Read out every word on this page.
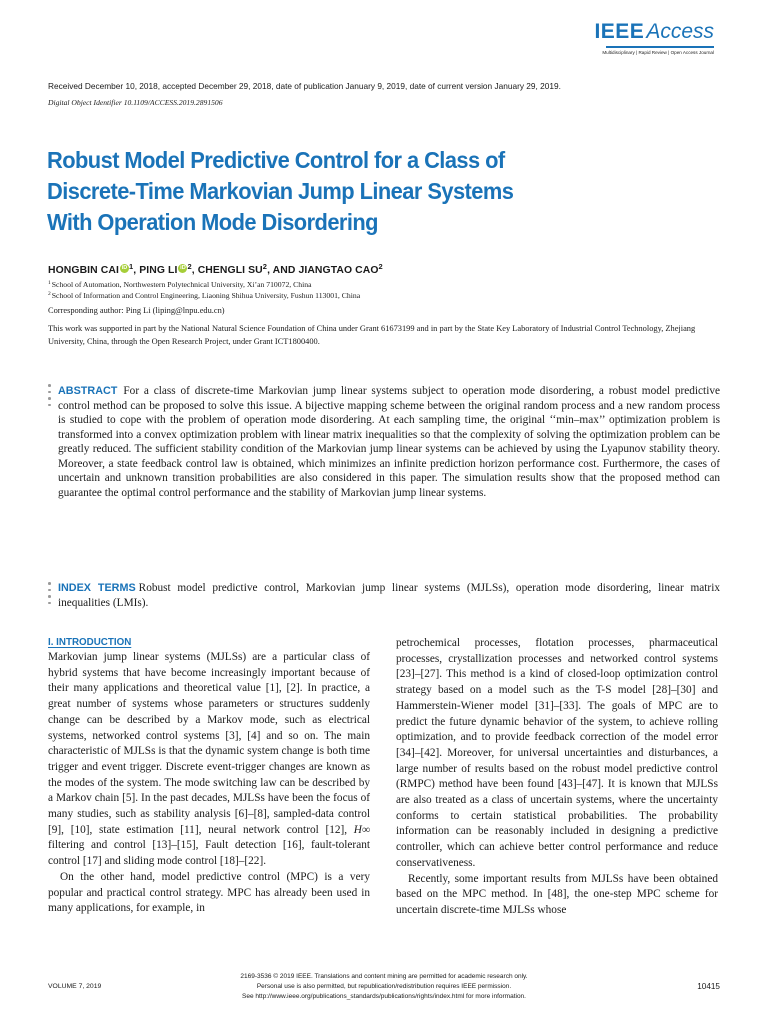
IEEEAccess
Multidisciplinary | Rapid Review | Open Access Journal
Received December 10, 2018, accepted December 29, 2018, date of publication January 9, 2019, date of current version January 29, 2019.
Digital Object Identifier 10.1109/ACCESS.2019.2891506
Robust Model Predictive Control for a Class of
Discrete-Time Markovian Jump Linear Systems
With Operation Mode Disordering
HONGBIN CAI iD $^1$, PING LI iD $^2$, CHENGLI $SU^2$, AND JIANGTAO CAO$^2$
$^1$School of Automation, Northwestern Polytechnical University, Xi’an 710072, China
$^2$School of Information and Control Engineering, Liaoning Shihua University, Fushun 113001, China
Corresponding author: Ping Li (liping@lnpu.edu.cn)
This work was supported in part by the National Natural Science Foundation of China under Grant 61673199 and in part by the State Key Laboratory of Industrial Control Technology, Zhejiang University, China, through the Open Research Project, under Grant ICT1800400.
ABSTRACT For a class of discrete-time Markovian jump linear systems subject to operation mode disordering, a robust model predictive control method can be proposed to solve this issue. A bijective mapping scheme between the original random process and a new random process is studied to cope with the problem of operation mode disordering. At each sampling time, the original ‘‘min–max’’ optimization problem is transformed into a convex optimization problem with linear matrix inequalities so that the complexity of solving the optimization problem can be greatly reduced. The sufficient stability condition of the Markovian jump linear systems can be achieved by using the Lyapunov stability theory. Moreover, a state feedback control law is obtained, which minimizes an infinite prediction horizon performance cost. Furthermore, the cases of uncertain and unknown transition probabilities are also considered in this paper. The simulation results show that the proposed method can guarantee the optimal control performance and the stability of Markovian jump linear systems.
INDEX TERMS Robust model predictive control, Markovian jump linear systems (MJLSs), operation mode disordering, linear matrix inequalities (LMIs).
I. INTRODUCTION

Markovian jump linear systems (MJLSs) are a particular class of hybrid systems that have become increasingly important because of their many applications and theoretical value [1], [2]. In practice, a great number of systems whose parameters or structures suddenly change can be described by a Markov mode, such as electrical systems, networked control systems [3], [4] and so on. The main characteristic of MJLSs is that the dynamic system change is both time trigger and event trigger. Discrete event-trigger changes are known as the modes of the system. The mode switching law can be described by a Markov chain [5]. In the past decades, MJLSs have been the focus of many studies, such as stability analysis [6]–[8], sampled-data control [9], [10], state estimation [11], neural network control [12], H∞ filtering and control [13]–[15], Fault detection [16], fault-tolerant control [17] and sliding mode control [18]–[22].

On the other hand, model predictive control (MPC) is a very popular and practical control strategy. MPC has already been used in many applications, for example, in

petrochemical processes, flotation processes, pharmaceutical processes, crystallization processes and networked control systems [23]–[27]. This method is a kind of closed-loop optimization control strategy based on a model such as the T-S model [28]–[30] and Hammerstein-Wiener model [31]–[33]. The goals of MPC are to predict the future dynamic behavior of the system, to achieve rolling optimization, and to provide feedback correction of the model error [34]–[42]. Moreover, for universal uncertainties and disturbances, a large number of results based on the robust model predictive control (RMPC) method have been found [43]–[47]. It is known that MJLSs are also treated as a class of uncertain systems, where the uncertainty conforms to certain statistical probabilities. The probability information can be reasonably included in designing a predictive controller, which can achieve better control performance and reduce conservativeness.

Recently, some important results from MJLSs have been obtained based on the MPC method. In [48], the one-step MPC scheme for uncertain discrete-time MJLSs whose

VOLUME 7, 2019
2169-3536 © 2019 IEEE. Translations and content mining are permitted for academic research only.
Personal use is also permitted, but republication/redistribution requires IEEE permission.
See http://www.ieee.org/publications_standards/publications/rights/index.html for more information.
10415
